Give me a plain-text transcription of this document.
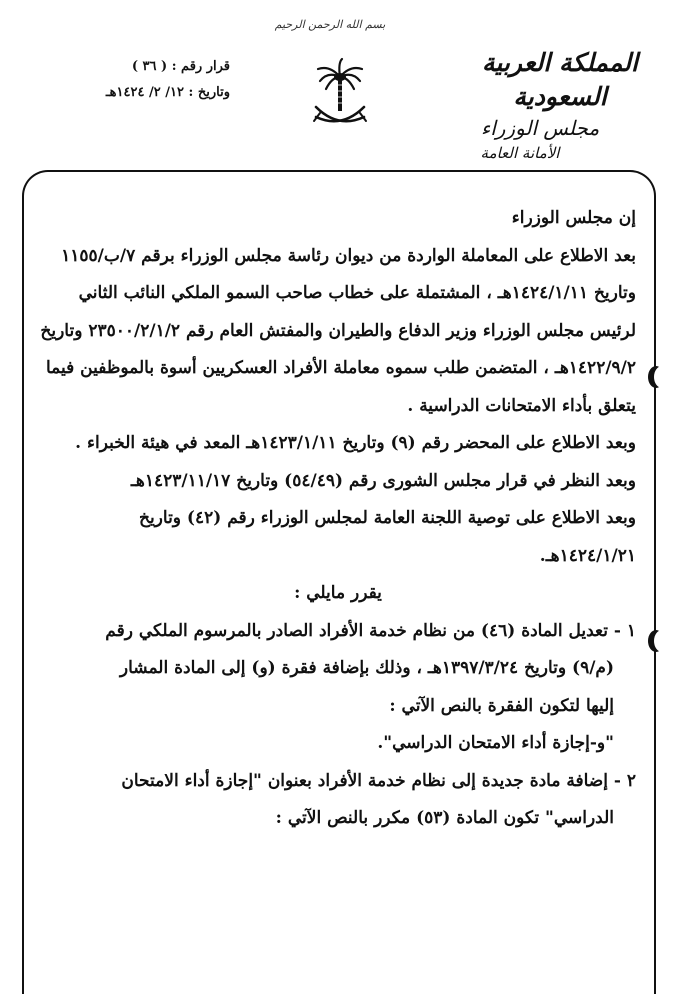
بسم الله الرحمن الرحيم
المملكة العربية السعودية
مجلس الوزراء
الأمانة العامة
قرار رقم : ( ٣٦ )
وتاريخ : ١٢/ ٢/ ١٤٢٤هـ

إن مجلس الوزراء

بعد الاطلاع على المعاملة الواردة من ديوان رئاسة مجلس الوزراء برقم ٧/ب/١١٥٥

وتاريخ ١٤٢٤/١/١١هـ ، المشتملة على خطاب صاحب السمو الملكي النائب الثاني

لرئيس مجلس الوزراء وزير الدفاع والطيران والمفتش العام رقم ٢٣٥٠٠/٢/١/٢ وتاريخ

١٤٢٢/٩/٢هـ ، المتضمن طلب سموه معاملة الأفراد العسكريين أسوة بالموظفين فيما

يتعلق بأداء الامتحانات الدراسية .

وبعد الاطلاع على المحضر رقم (٩) وتاريخ ١٤٢٣/١/١١هـ المعد في هيئة الخبراء .

وبعد النظر في قرار مجلس الشورى رقم (٥٤/٤٩) وتاريخ ١٤٢٣/١١/١٧هـ

وبعد الاطلاع على توصية اللجنة العامة لمجلس الوزراء رقم (٤٢) وتاريخ

١٤٢٤/١/٢١هـ.

يقرر مايلي :

١ - تعديل المادة (٤٦) من نظام خدمة الأفراد الصادر بالمرسوم الملكي رقم

(م/٩) وتاريخ ١٣٩٧/٣/٢٤هـ ، وذلك بإضافة فقرة (و) إلى المادة المشار

إليها لتكون الفقرة بالنص الآتي :

"و-إجازة أداء الامتحان الدراسي".

٢ - إضافة مادة جديدة إلى نظام خدمة الأفراد بعنوان "إجازة أداء الامتحان

الدراسي" تكون المادة (٥٣) مكرر بالنص الآتي :
